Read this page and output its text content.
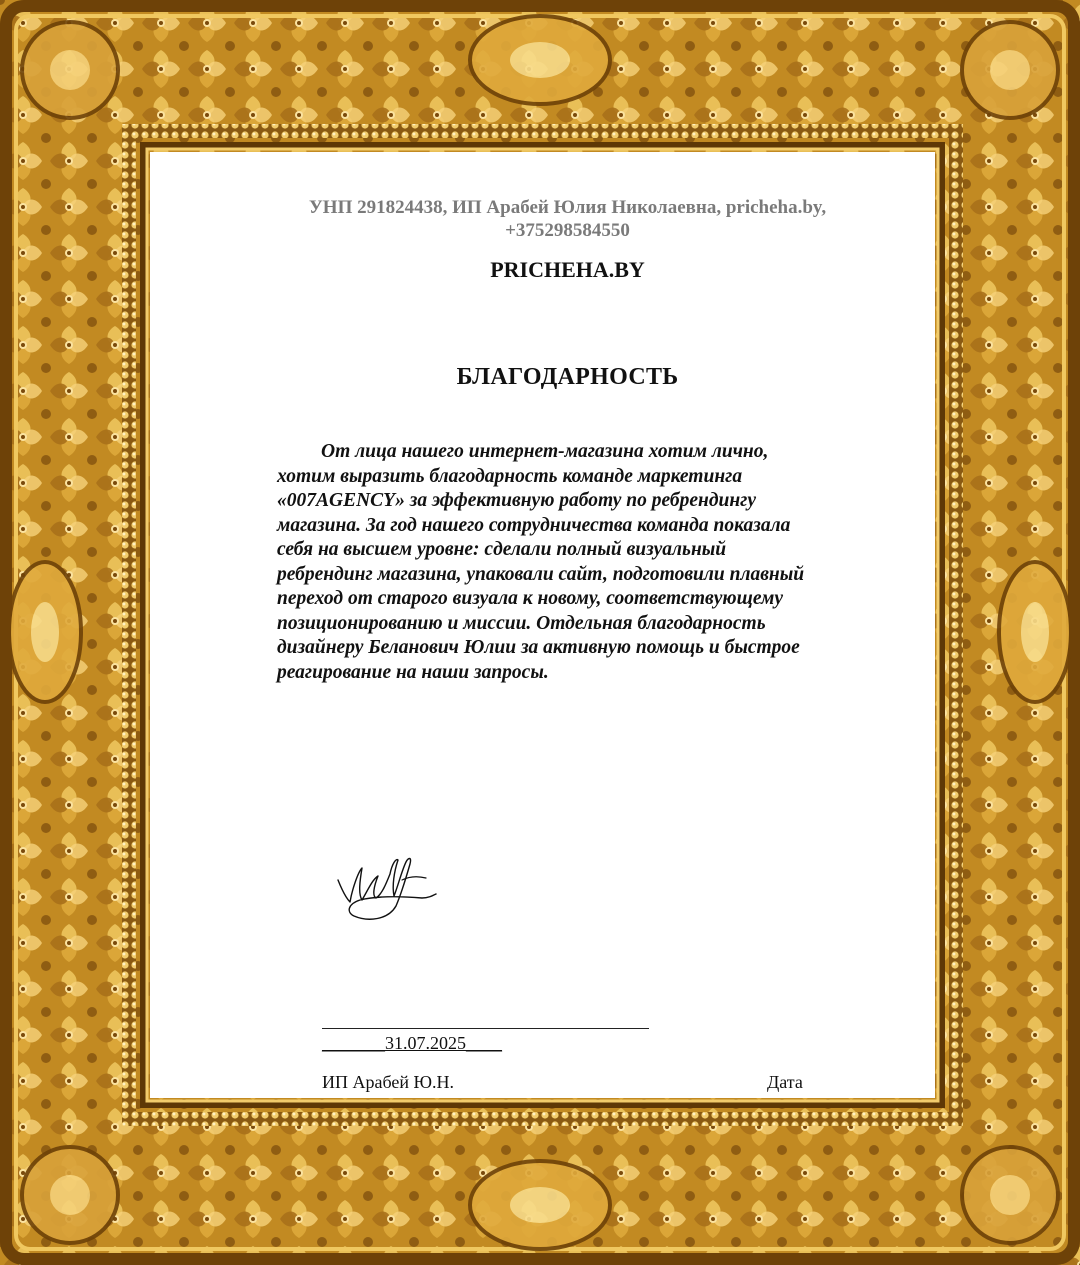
УНП 291824438, ИП Арабей Юлия Николаевна, pricheha.by,
+375298584550
PRICHEHA.BY
БЛАГОДАРНОСТЬ
От лица нашего интернет-магазина хотим лично,
хотим выразить благодарность команде маркетинга
«007AGENCY» за эффективную работу по ребрендингу
магазина. За год нашего сотрудничества команда показала
себя на высшем уровне: сделали полный визуальный
ребрендинг магазина, упаковали сайт, подготовили плавный
переход от старого визуала к новому, соответствующему
позиционированию и миссии. Отдельная благодарность
дизайнеру Беланович Юлии за активную помощь и быстрое
реагирование на наши запросы.
_______31.07.2025____
ИП Арабей Ю.Н.	Дата
